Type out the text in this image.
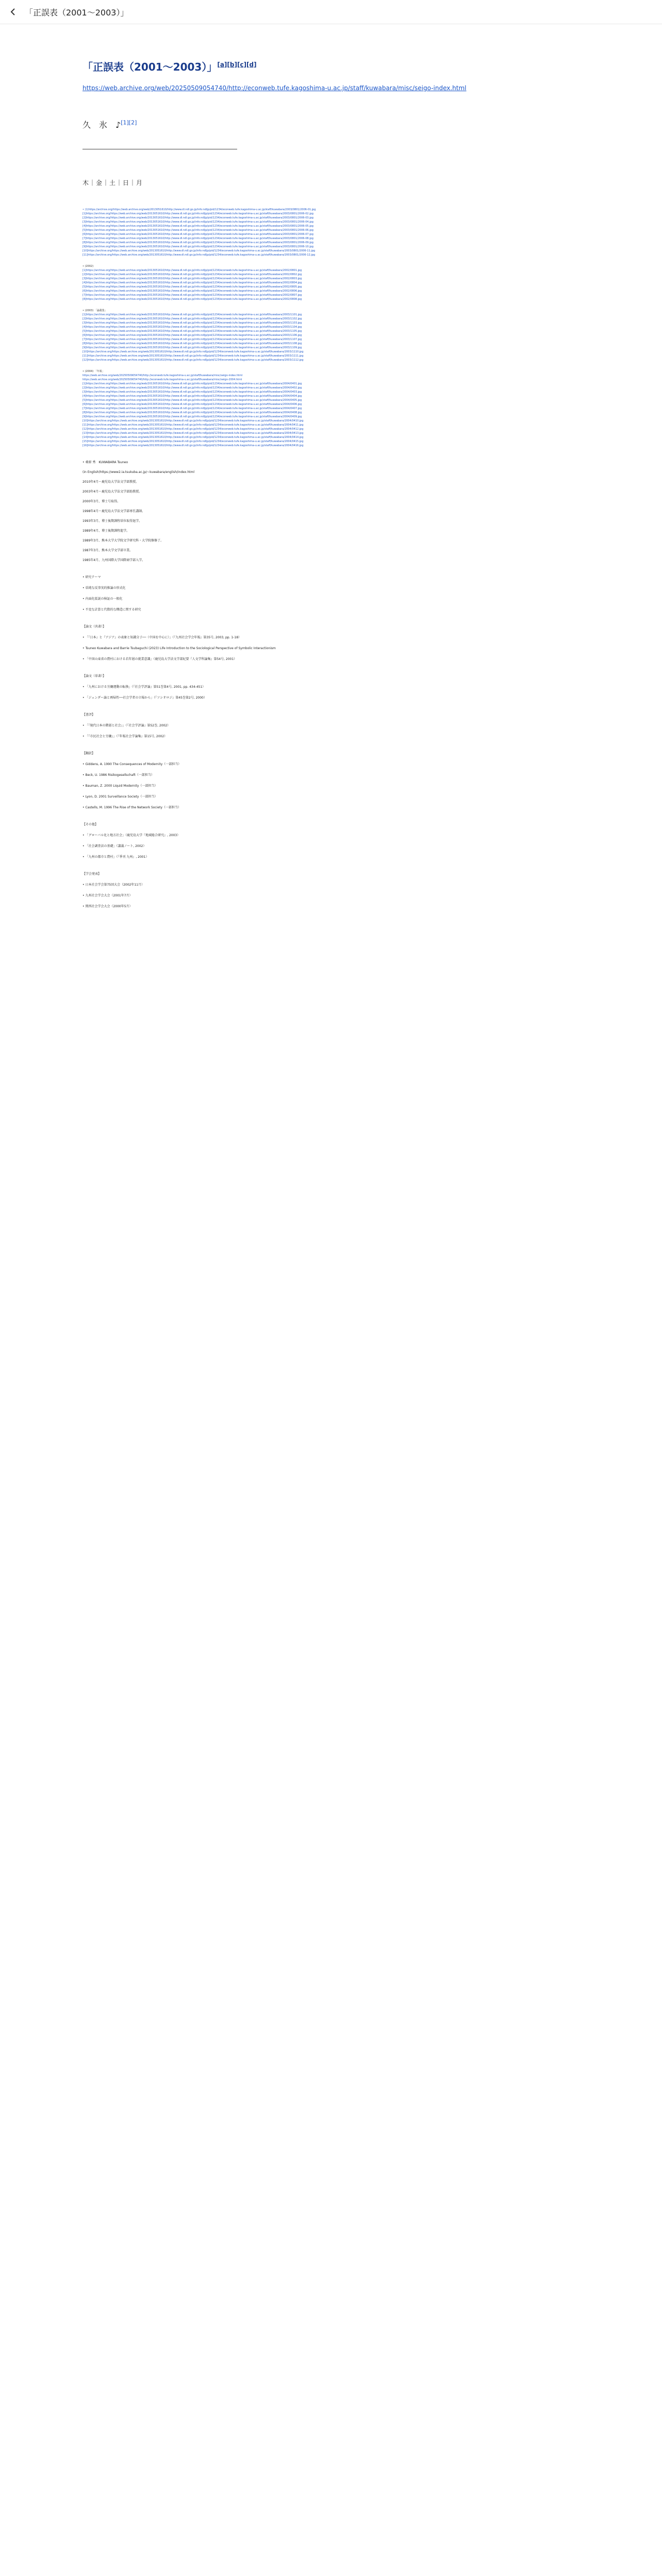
「正誤表（2001〜2003）」
「正誤表（2001〜2003）」[a][b][c][d]
https://web.archive.org/web/20250509054740/http://econweb.tufe.kagoshima-u.ac.jp/staff/kuwabara/misc/seigo-index.html
久　氷　♪[1][2]
木｜金｜土｜日｜月
• (1)https://archive.org/https://web.archive.org/web/2013051610/http://www.dl.ndl.go.jp/info:ndljp/pid/1234/econweb.tufe.kagoshima-u.ac.jp/staff/kuwabara/2003/0801/2006-01.jpg
[1]https://archive.org/https://web.archive.org/web/2013051610/http://www.dl.ndl.go.jp/info:ndljp/pid/1234/econweb.tufe.kagoshima-u.ac.jp/staff/kuwabara/2003/0801/2006-02.jpg
[2]https://archive.org/https://web.archive.org/web/2013051610/http://www.dl.ndl.go.jp/info:ndljp/pid/1234/econweb.tufe.kagoshima-u.ac.jp/staff/kuwabara/2003/0801/2006-03.jpg
[3]https://archive.org/https://web.archive.org/web/2013051610/http://www.dl.ndl.go.jp/info:ndljp/pid/1234/econweb.tufe.kagoshima-u.ac.jp/staff/kuwabara/2003/0801/2006-04.jpg
[4]https://archive.org/https://web.archive.org/web/2013051610/http://www.dl.ndl.go.jp/info:ndljp/pid/1234/econweb.tufe.kagoshima-u.ac.jp/staff/kuwabara/2003/0801/2006-05.jpg
[5]https://archive.org/https://web.archive.org/web/2013051610/http://www.dl.ndl.go.jp/info:ndljp/pid/1234/econweb.tufe.kagoshima-u.ac.jp/staff/kuwabara/2003/0801/2006-06.jpg
[6]https://archive.org/https://web.archive.org/web/2013051610/http://www.dl.ndl.go.jp/info:ndljp/pid/1234/econweb.tufe.kagoshima-u.ac.jp/staff/kuwabara/2003/0801/2006-07.jpg
[7]https://archive.org/https://web.archive.org/web/2013051610/http://www.dl.ndl.go.jp/info:ndljp/pid/1234/econweb.tufe.kagoshima-u.ac.jp/staff/kuwabara/2003/0801/2006-08.jpg
[8]https://archive.org/https://web.archive.org/web/2013051610/http://www.dl.ndl.go.jp/info:ndljp/pid/1234/econweb.tufe.kagoshima-u.ac.jp/staff/kuwabara/2003/0801/2006-09.jpg
[9]https://archive.org/https://web.archive.org/web/2013051610/http://www.dl.ndl.go.jp/info:ndljp/pid/1234/econweb.tufe.kagoshima-u.ac.jp/staff/kuwabara/2003/0801/2006-10.jpg
[10]https://archive.org/https://web.archive.org/web/2013051610/http://www.dl.ndl.go.jp/info:ndljp/pid/1234/econweb.tufe.kagoshima-u.ac.jp/staff/kuwabara/2003/0801/2006-11.jpg
[11]https://archive.org/https://web.archive.org/web/2013051610/http://www.dl.ndl.go.jp/info:ndljp/pid/1234/econweb.tufe.kagoshima-u.ac.jp/staff/kuwabara/2003/0801/2006-12.jpg
• (2002)
[1]https://archive.org/https://web.archive.org/web/2013051610/http://www.dl.ndl.go.jp/info:ndljp/pid/1234/econweb.tufe.kagoshima-u.ac.jp/staff/kuwabara/2002/0801.jpg
[2]https://archive.org/https://web.archive.org/web/2013051610/http://www.dl.ndl.go.jp/info:ndljp/pid/1234/econweb.tufe.kagoshima-u.ac.jp/staff/kuwabara/2002/0802.jpg
[3]https://archive.org/https://web.archive.org/web/2013051610/http://www.dl.ndl.go.jp/info:ndljp/pid/1234/econweb.tufe.kagoshima-u.ac.jp/staff/kuwabara/2002/0803.jpg
[4]https://archive.org/https://web.archive.org/web/2013051610/http://www.dl.ndl.go.jp/info:ndljp/pid/1234/econweb.tufe.kagoshima-u.ac.jp/staff/kuwabara/2002/0804.jpg
[5]https://archive.org/https://web.archive.org/web/2013051610/http://www.dl.ndl.go.jp/info:ndljp/pid/1234/econweb.tufe.kagoshima-u.ac.jp/staff/kuwabara/2002/0805.jpg
[6]https://archive.org/https://web.archive.org/web/2013051610/http://www.dl.ndl.go.jp/info:ndljp/pid/1234/econweb.tufe.kagoshima-u.ac.jp/staff/kuwabara/2002/0806.jpg
[7]https://archive.org/https://web.archive.org/web/2013051610/http://www.dl.ndl.go.jp/info:ndljp/pid/1234/econweb.tufe.kagoshima-u.ac.jp/staff/kuwabara/2002/0807.jpg
[8]https://archive.org/https://web.archive.org/web/2013051610/http://www.dl.ndl.go.jp/info:ndljp/pid/1234/econweb.tufe.kagoshima-u.ac.jp/staff/kuwabara/2002/0808.jpg
• (2003) 「論叢集」
[1]https://archive.org/https://web.archive.org/web/2013051610/http://www.dl.ndl.go.jp/info:ndljp/pid/1234/econweb.tufe.kagoshima-u.ac.jp/staff/kuwabara/2003/1101.jpg
[2]https://archive.org/https://web.archive.org/web/2013051610/http://www.dl.ndl.go.jp/info:ndljp/pid/1234/econweb.tufe.kagoshima-u.ac.jp/staff/kuwabara/2003/1102.jpg
[3]https://archive.org/https://web.archive.org/web/2013051610/http://www.dl.ndl.go.jp/info:ndljp/pid/1234/econweb.tufe.kagoshima-u.ac.jp/staff/kuwabara/2003/1103.jpg
[4]https://archive.org/https://web.archive.org/web/2013051610/http://www.dl.ndl.go.jp/info:ndljp/pid/1234/econweb.tufe.kagoshima-u.ac.jp/staff/kuwabara/2003/1104.jpg
[5]https://archive.org/https://web.archive.org/web/2013051610/http://www.dl.ndl.go.jp/info:ndljp/pid/1234/econweb.tufe.kagoshima-u.ac.jp/staff/kuwabara/2003/1105.jpg
[6]https://archive.org/https://web.archive.org/web/2013051610/http://www.dl.ndl.go.jp/info:ndljp/pid/1234/econweb.tufe.kagoshima-u.ac.jp/staff/kuwabara/2003/1106.jpg
[7]https://archive.org/https://web.archive.org/web/2013051610/http://www.dl.ndl.go.jp/info:ndljp/pid/1234/econweb.tufe.kagoshima-u.ac.jp/staff/kuwabara/2003/1107.jpg
[8]https://archive.org/https://web.archive.org/web/2013051610/http://www.dl.ndl.go.jp/info:ndljp/pid/1234/econweb.tufe.kagoshima-u.ac.jp/staff/kuwabara/2003/1108.jpg
[9]https://archive.org/https://web.archive.org/web/2013051610/http://www.dl.ndl.go.jp/info:ndljp/pid/1234/econweb.tufe.kagoshima-u.ac.jp/staff/kuwabara/2003/1109.jpg
[10]https://archive.org/https://web.archive.org/web/2013051610/http://www.dl.ndl.go.jp/info:ndljp/pid/1234/econweb.tufe.kagoshima-u.ac.jp/staff/kuwabara/2003/1110.jpg
[11]https://archive.org/https://web.archive.org/web/2013051610/http://www.dl.ndl.go.jp/info:ndljp/pid/1234/econweb.tufe.kagoshima-u.ac.jp/staff/kuwabara/2003/1111.jpg
[12]https://archive.org/https://web.archive.org/web/2013051610/http://www.dl.ndl.go.jp/info:ndljp/pid/1234/econweb.tufe.kagoshima-u.ac.jp/staff/kuwabara/2003/1112.jpg
• (2004) 「年報」
https://web.archive.org/web/20250509054740/http://econweb.tufe.kagoshima-u.ac.jp/staff/kuwabara/misc/seigo-index.html
https://web.archive.org/web/20250509054740/http://econweb.tufe.kagoshima-u.ac.jp/staff/kuwabara/misc/seigo-2004.html
[1]https://archive.org/https://web.archive.org/web/2013051610/http://www.dl.ndl.go.jp/info:ndljp/pid/1234/econweb.tufe.kagoshima-u.ac.jp/staff/kuwabara/2004/0401.jpg
[2]https://archive.org/https://web.archive.org/web/2013051610/http://www.dl.ndl.go.jp/info:ndljp/pid/1234/econweb.tufe.kagoshima-u.ac.jp/staff/kuwabara/2004/0402.jpg
[3]https://archive.org/https://web.archive.org/web/2013051610/http://www.dl.ndl.go.jp/info:ndljp/pid/1234/econweb.tufe.kagoshima-u.ac.jp/staff/kuwabara/2004/0403.jpg
[4]https://archive.org/https://web.archive.org/web/2013051610/http://www.dl.ndl.go.jp/info:ndljp/pid/1234/econweb.tufe.kagoshima-u.ac.jp/staff/kuwabara/2004/0404.jpg
[5]https://archive.org/https://web.archive.org/web/2013051610/http://www.dl.ndl.go.jp/info:ndljp/pid/1234/econweb.tufe.kagoshima-u.ac.jp/staff/kuwabara/2004/0405.jpg
[6]https://archive.org/https://web.archive.org/web/2013051610/http://www.dl.ndl.go.jp/info:ndljp/pid/1234/econweb.tufe.kagoshima-u.ac.jp/staff/kuwabara/2004/0406.jpg
[7]https://archive.org/https://web.archive.org/web/2013051610/http://www.dl.ndl.go.jp/info:ndljp/pid/1234/econweb.tufe.kagoshima-u.ac.jp/staff/kuwabara/2004/0407.jpg
[8]https://archive.org/https://web.archive.org/web/2013051610/http://www.dl.ndl.go.jp/info:ndljp/pid/1234/econweb.tufe.kagoshima-u.ac.jp/staff/kuwabara/2004/0408.jpg
[9]https://archive.org/https://web.archive.org/web/2013051610/http://www.dl.ndl.go.jp/info:ndljp/pid/1234/econweb.tufe.kagoshima-u.ac.jp/staff/kuwabara/2004/0409.jpg
[10]https://archive.org/https://web.archive.org/web/2013051610/http://www.dl.ndl.go.jp/info:ndljp/pid/1234/econweb.tufe.kagoshima-u.ac.jp/staff/kuwabara/2004/0410.jpg
[11]https://archive.org/https://web.archive.org/web/2013051610/http://www.dl.ndl.go.jp/info:ndljp/pid/1234/econweb.tufe.kagoshima-u.ac.jp/staff/kuwabara/2004/0411.jpg
[12]https://archive.org/https://web.archive.org/web/2013051610/http://www.dl.ndl.go.jp/info:ndljp/pid/1234/econweb.tufe.kagoshima-u.ac.jp/staff/kuwabara/2004/0412.jpg
[13]https://archive.org/https://web.archive.org/web/2013051610/http://www.dl.ndl.go.jp/info:ndljp/pid/1234/econweb.tufe.kagoshima-u.ac.jp/staff/kuwabara/2004/0413.jpg
[14]https://archive.org/https://web.archive.org/web/2013051610/http://www.dl.ndl.go.jp/info:ndljp/pid/1234/econweb.tufe.kagoshima-u.ac.jp/staff/kuwabara/2004/0414.jpg
[15]https://archive.org/https://web.archive.org/web/2013051610/http://www.dl.ndl.go.jp/info:ndljp/pid/1234/econweb.tufe.kagoshima-u.ac.jp/staff/kuwabara/2004/0415.jpg
[16]https://archive.org/https://web.archive.org/web/2013051610/http://www.dl.ndl.go.jp/info:ndljp/pid/1234/econweb.tufe.kagoshima-u.ac.jp/staff/kuwabara/2004/0416.jpg
• 桑原 秀　KUWABARA Tsuneo
(in English)https://www2.ia.tsukuba.ac.jp/~kuwabara/english/index.html
2010年4月〜鹿児島大学法文学部教授。
2003年4月〜鹿児島大学法文学部助教授。
2000年3月、博士号取得。
1998年4月〜鹿児島大学法文学部専任講師。
1993年3月、博士後期課程単位取得退学。
1989年4月、博士後期課程進学。
1989年3月、熊本大学大学院文学研究科・大学院修修了。
1987年3月、熊本大学文学部卒業。
1985年4月、九州国際大学国際商学部入学。
• 研究テーマ
• 単純な反事実的推論の形式化
• 内面化仮説の検証の一般化
• 不変な計算と代数的な構造に関する研究
【論文（共著）】
• 「『日本』と『アジア』の表象と知識分子──（中国を中心に）」（『九州社会学会年報』第35号, 2003, pp. 1-18）
• Tsuneo Kuwabara and Barrie Tsubaguchi (2023) Life Introduction to the Sociological Perspective of Symbolic Interactionism
• 「中国山東省の農村における若年層の就業意識」（鹿児島大学法文学部紀要『人文学科論集』第54号, 2001）
【論文（単著）】
• 「九州における労働運動の転換」（『社会学評論』第51巻第4号, 2001, pp. 434-451）
• 「ジェンダー論と再帰性──社会学者の立場から」（『ソシオロジ』第45巻第2号, 2000）
【書評】
• 「『現代日本の階層と社会』」（『社会学評論』第52巻, 2002）
• 「『市民社会と労働』」（『年報社会学論集』第15号, 2002）
【翻訳】
• Giddens, A. 1990 The Consequences of Modernity（一部担当）
• Beck, U. 1986 Risikogesellschaft（一部担当）
• Bauman, Z. 2000 Liquid Modernity（一部担当）
• Lyon, D. 2001 Surveillance Society（一部担当）
• Castells, M. 1996 The Rise of the Network Society（一部担当）
【その他】
• 「グローバル化と地方社会」（鹿児島大学『地域総合研究』, 2003）
• 「社会調査法の基礎」（講義ノート, 2002）
• 「九州の都市と農村」（『季刊 九州』, 2001）
【学会発表】
• 日本社会学会第75回大会（2002年11月）
• 九州社会学会大会（2001年7月）
• 関西社会学会大会（2000年5月）
